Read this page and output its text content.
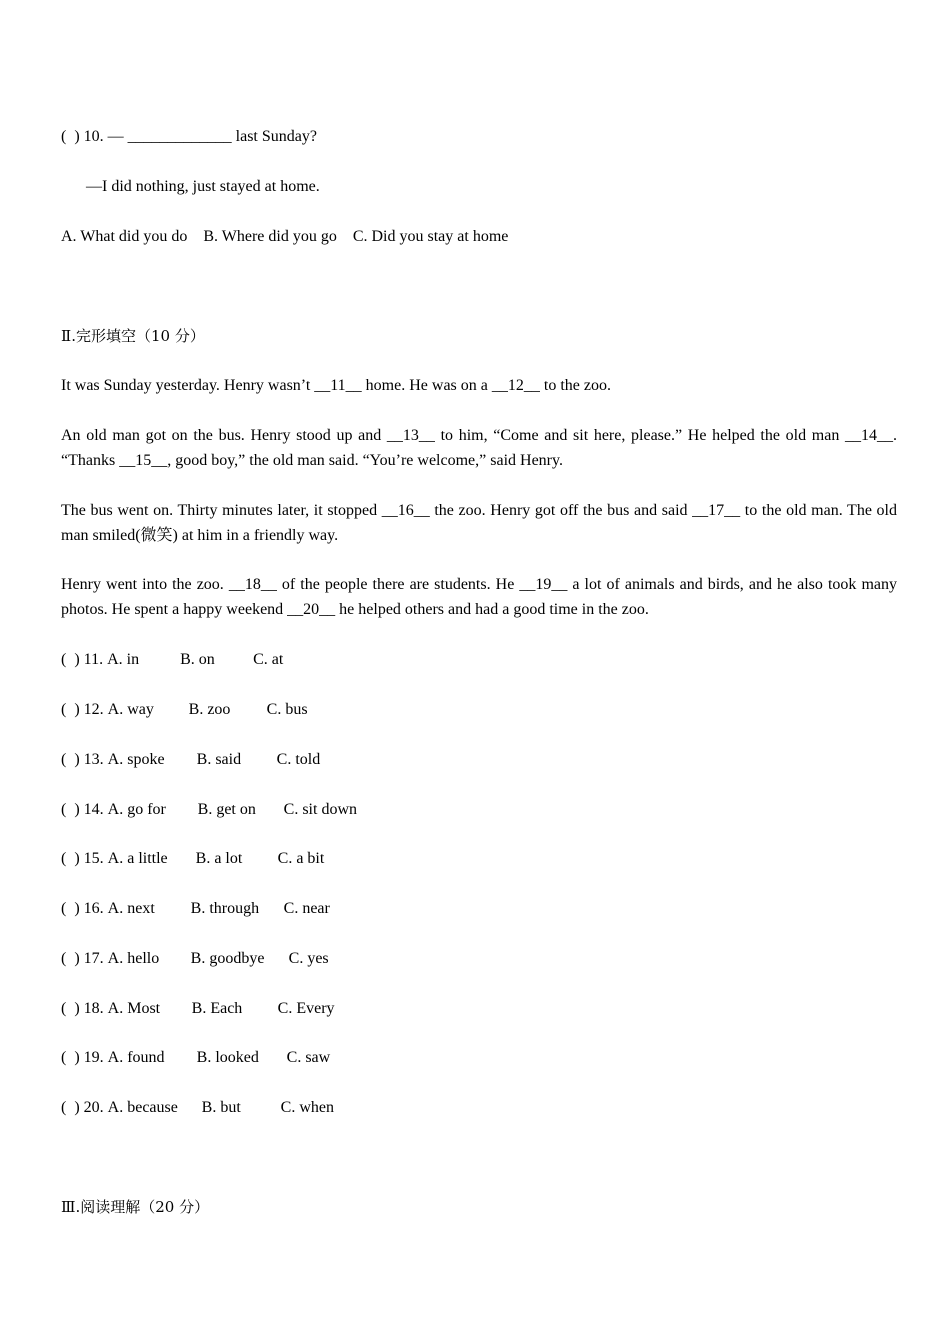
(  ) 10. — _____________ last Sunday?
—I did nothing, just stayed at home.
A. What did you do B. Where did you go C. Did you stay at home
Ⅱ.完形填空（10 分）
It was Sunday yesterday. Henry wasn’t __11__ home. He was on a __12__ to the zoo.
An old man got on the bus. Henry stood up and __13__ to him, “Come and sit here, please.” He helped the old man __14__. “Thanks __15__, good boy,” the old man said. “You’re welcome,” said Henry.
The bus went on. Thirty minutes later, it stopped __16__ the zoo. Henry got off the bus and said __17__ to the old man. The old man smiled(微笑) at him in a friendly way.
Henry went into the zoo. __18__ of the people there are students. He __19__ a lot of animals and birds, and he also took many photos. He spent a happy weekend __20__ he helped others and had a good time in the zoo.
(  ) 11. A. in	B. on C. at
(  ) 12. A. way B. zoo C. bus
(  ) 13. A. spoke B. said C. told
(  ) 14. A. go for B. get on C. sit down
(  ) 15. A. a little B. a lot C. a bit
(  ) 16. A. next B. through C. near
(  ) 17. A. hello B. goodbye C. yes
(  ) 18. A. Most B. Each C. Every
(  ) 19. A. found B. looked C. saw
(  ) 20. A. because B. but C. when
Ⅲ.阅读理解（20 分）
